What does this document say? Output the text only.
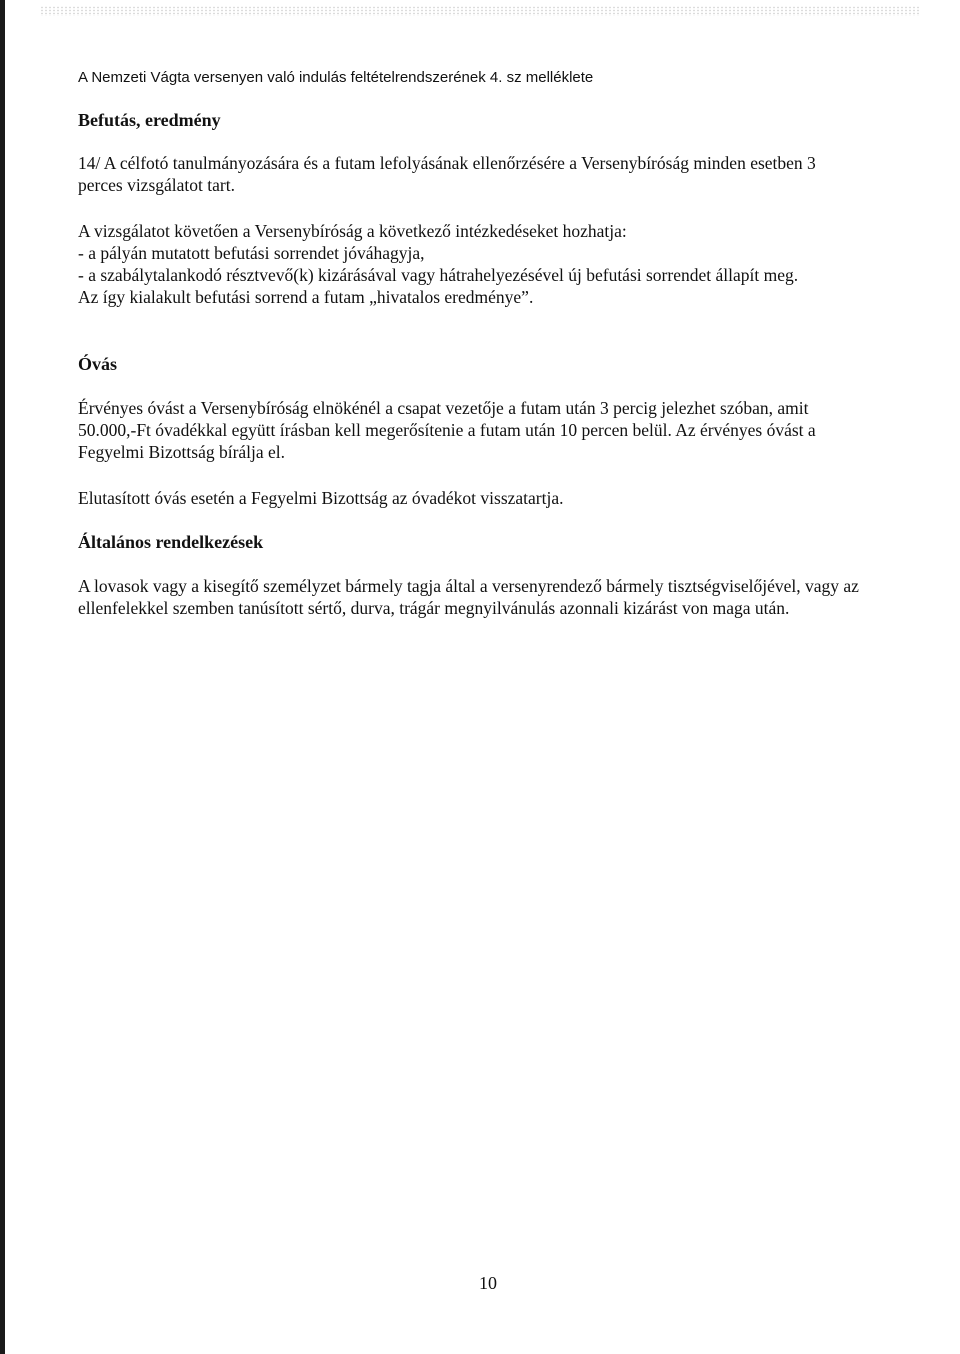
A Nemzeti Vágta versenyen való indulás feltételrendszerének 4. sz melléklete
Befutás, eredmény
14/ A célfotó tanulmányozására és a futam lefolyásának ellenőrzésére a Versenybíróság minden esetben 3
perces vizsgálatot tart.
A vizsgálatot követően a Versenybíróság a következő intézkedéseket hozhatja:
- a pályán mutatott befutási sorrendet jóváhagyja,
- a szabálytalankodó résztvevő(k) kizárásával vagy hátrahelyezésével új befutási sorrendet állapít meg.
Az így kialakult befutási sorrend a futam „hivatalos eredménye”.
Óvás
Érvényes óvást a Versenybíróság elnökénél a csapat vezetője a futam után 3 percig jelezhet szóban, amit
50.000,-Ft óvadékkal együtt írásban kell megerősítenie a futam után 10 percen belül. Az érvényes óvást a
Fegyelmi Bizottság bírálja el.
Elutasított óvás esetén a Fegyelmi Bizottság az óvadékot visszatartja.
Általános rendelkezések
A lovasok vagy a kisegítő személyzet bármely tagja által a versenyrendező bármely tisztségviselőjével, vagy az
ellenfelekkel szemben tanúsított sértő, durva, trágár megnyilvánulás azonnali kizárást von maga után.
10
